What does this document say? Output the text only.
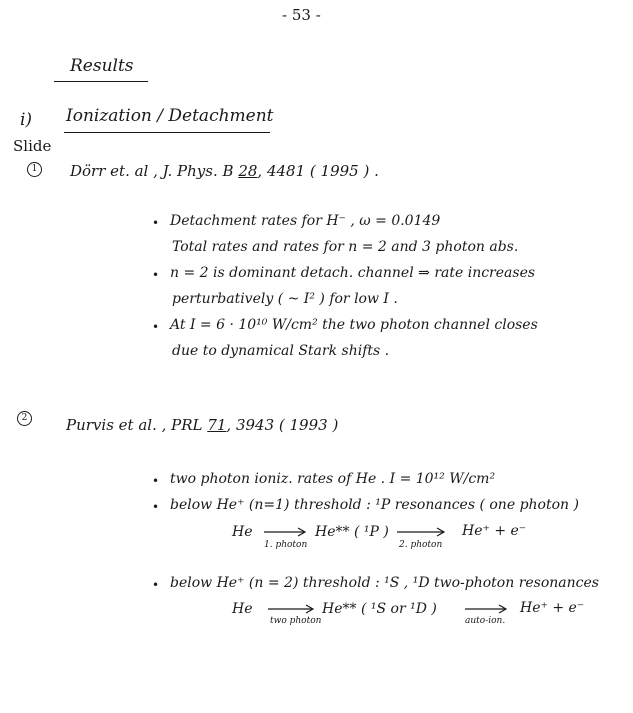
- 53 -
Results
i) Ionization / Detachment
Slide
1	Dörr et. al , J. Phys. B 28, 4481 ( 1995 ) .
• Detachment rates for H⁻ , ω = 0.0149
Total rates and rates for n = 2 and 3 photon abs.
• n = 2 is dominant detach. channel ⇒ rate increases
perturbatively ( ~ I² ) for low I .
• At I = 6 · 10¹⁰ W/cm² the two photon channel closes
due to dynamical Stark shifts .
2	Purvis et al. , PRL 71, 3943 ( 1993 )
• two photon ioniz. rates of He . I = 10¹² W/cm²
• below He⁺ (n=1) threshold : ¹P resonances ( one photon )
He
1. photon
He** ( ¹P )
2. photon
He⁺ + e⁻
• below He⁺ (n = 2) threshold : ¹S , ¹D two-photon resonances
He
two photon
He** ( ¹S or ¹D )
auto-ion.
He⁺ + e⁻
